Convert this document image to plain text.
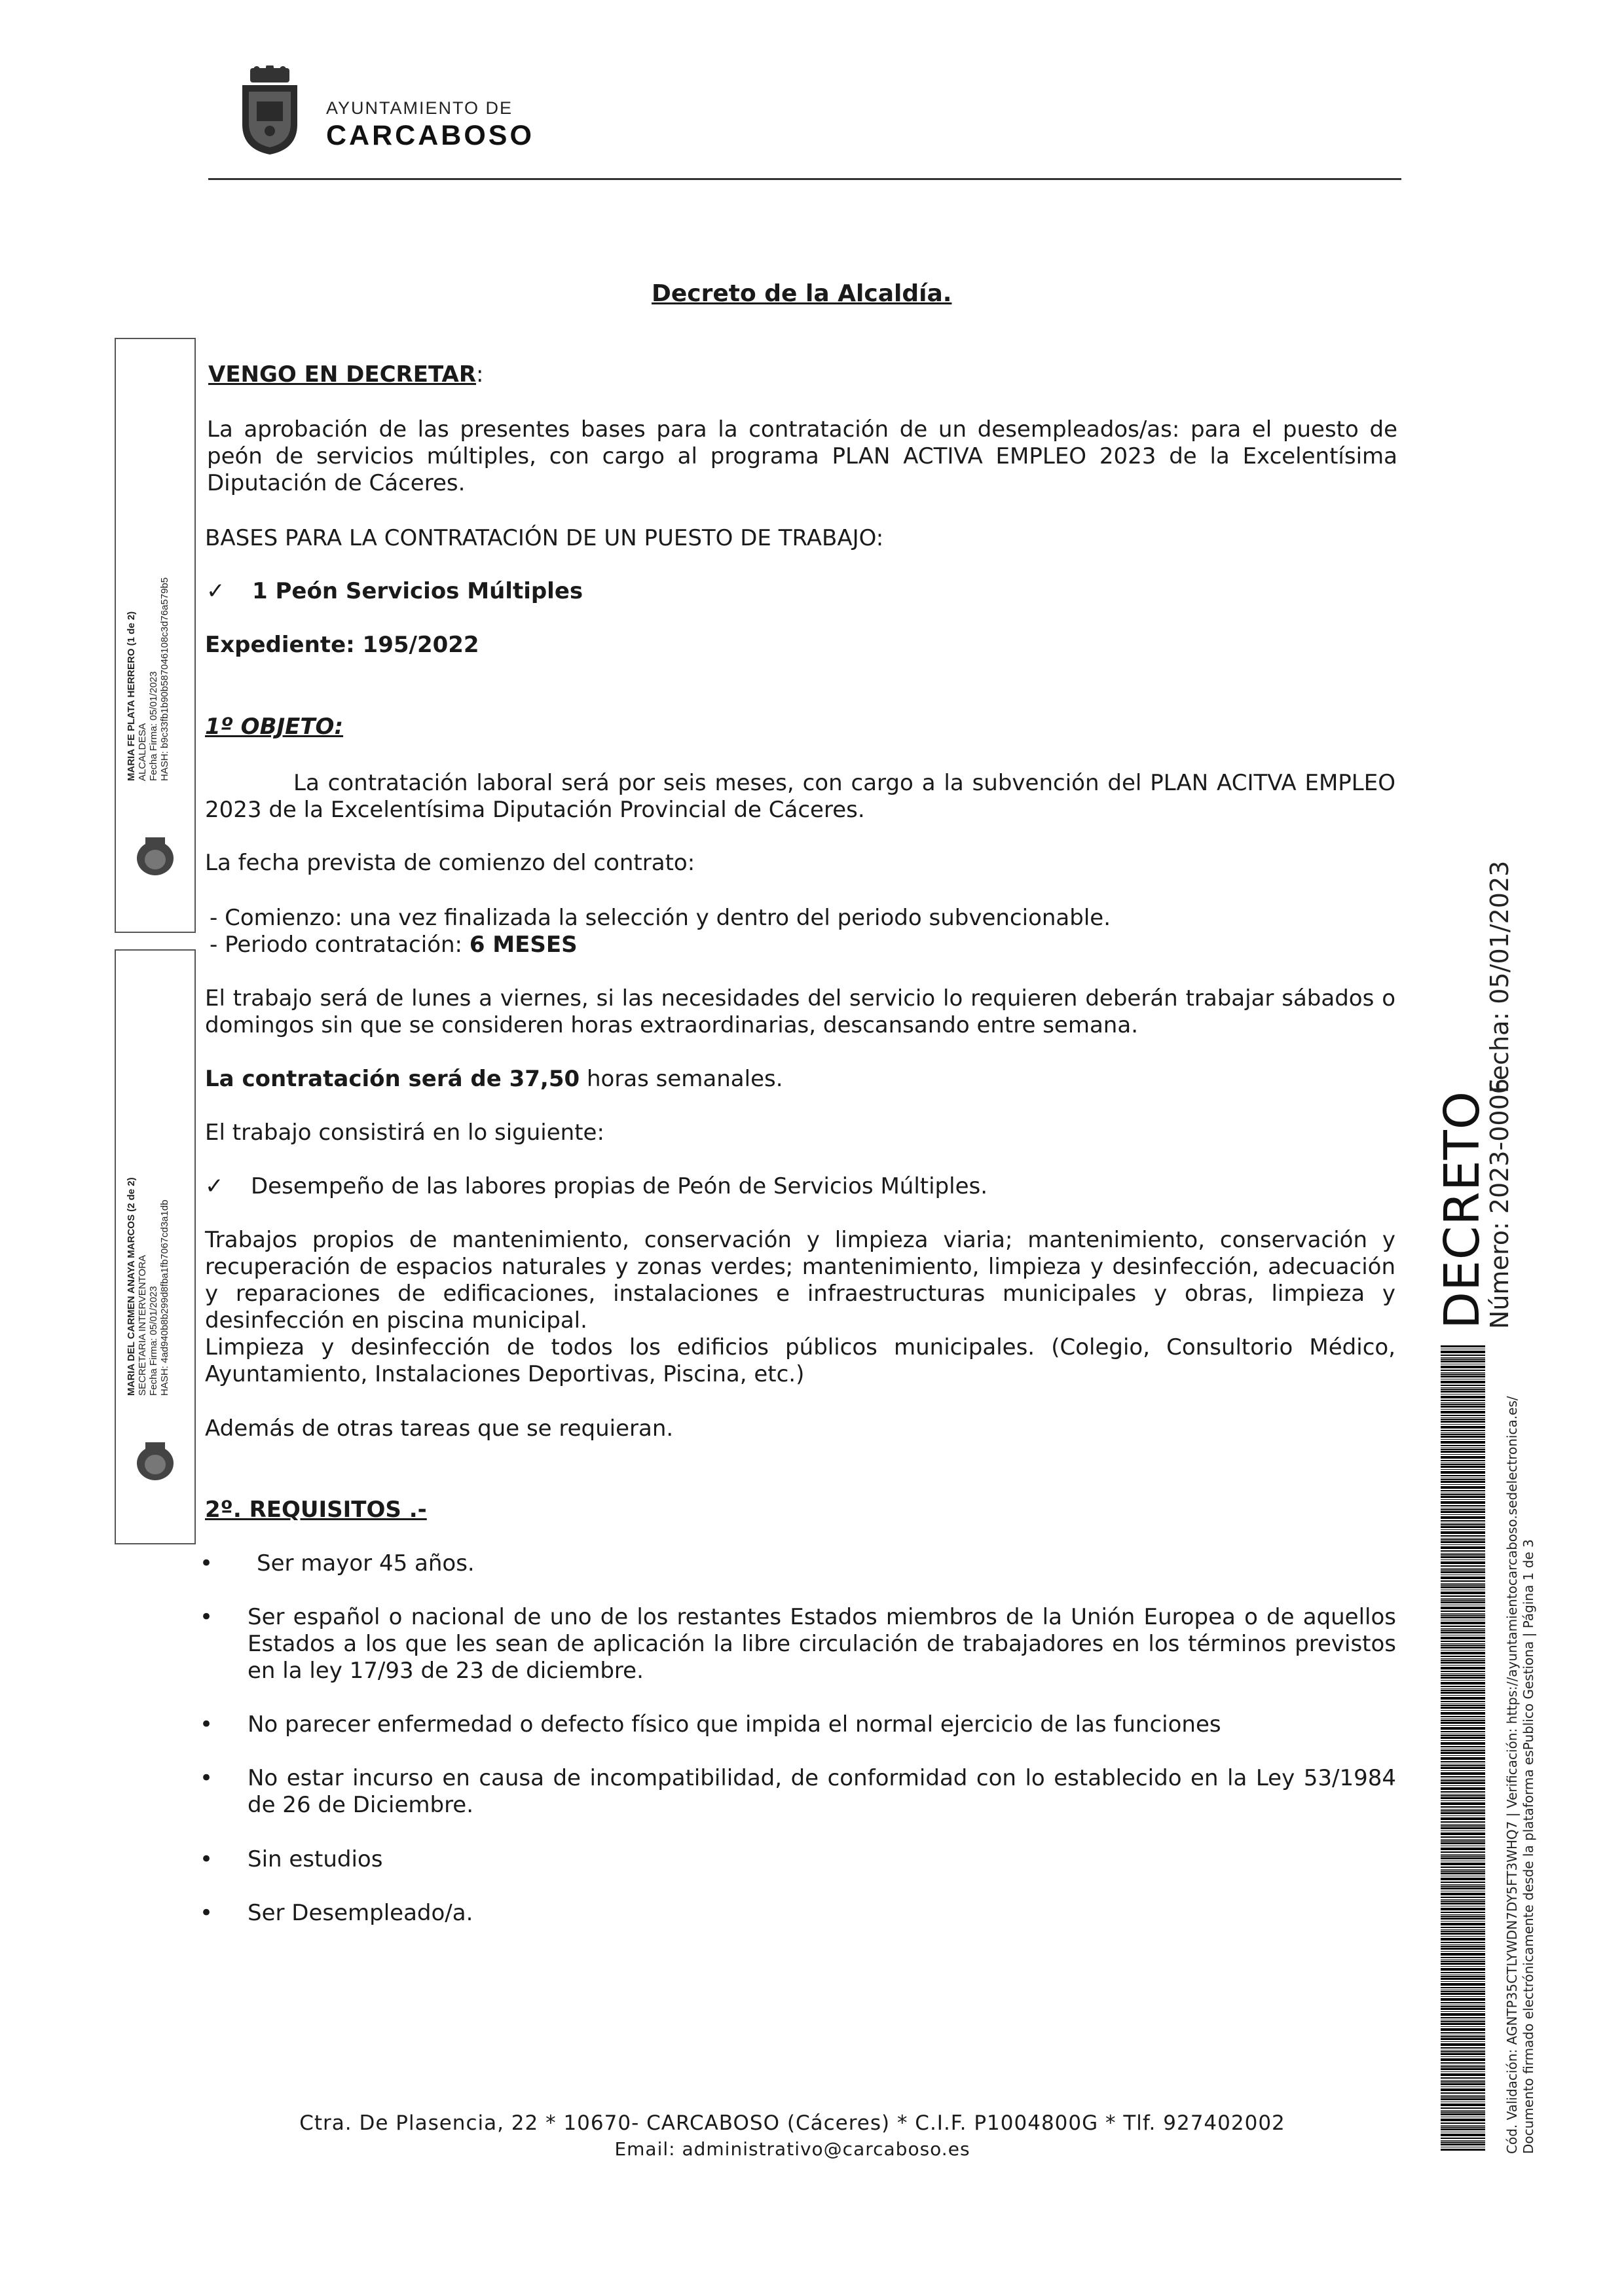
AYUNTAMIENTO DE
CARCABOSO
Decreto de la Alcaldía.
VENGO EN DECRETAR:
La aprobación de las presentes bases para la contratación de un desempleados/as: para el puesto de peón de servicios múltiples, con cargo al programa PLAN ACTIVA EMPLEO 2023 de la Excelentísima Diputación de Cáceres.
BASES PARA LA CONTRATACIÓN DE UN PUESTO DE TRABAJO:
✓ 1 Peón Servicios Múltiples
Expediente: 195/2022
1º OBJETO:
La contratación laboral será por seis meses, con cargo a la subvención del PLAN ACITVA EMPLEO 2023 de la Excelentísima Diputación Provincial de Cáceres.
La fecha prevista de comienzo del contrato:
- Comienzo: una vez finalizada la selección y dentro del periodo subvencionable.
- Periodo contratación: 6 MESES
El trabajo será de lunes a viernes, si las necesidades del servicio lo requieren deberán trabajar sábados o domingos sin que se consideren horas extraordinarias, descansando entre semana.
La contratación será de 37,50 horas semanales.
El trabajo consistirá en lo siguiente:
✓ Desempeño de las labores propias de Peón de Servicios Múltiples.
Trabajos propios de mantenimiento, conservación y limpieza viaria; mantenimiento, conservación y recuperación de espacios naturales y zonas verdes; mantenimiento, limpieza y desinfección, adecuación y reparaciones de edificaciones, instalaciones e infraestructuras municipales y obras, limpieza y desinfección en piscina municipal.
Limpieza y desinfección de todos los edificios públicos municipales. (Colegio, Consultorio Médico, Ayuntamiento, Instalaciones Deportivas, Piscina, etc.)
Además de otras tareas que se requieran.
2º. REQUISITOS .-
• Ser mayor 45 años.
• Ser español o nacional de uno de los restantes Estados miembros de la Unión Europea o de aquellos Estados a los que les sean de aplicación la libre circulación de trabajadores en los términos previstos en la ley 17/93 de 23 de diciembre.
• No parecer enfermedad o defecto físico que impida el normal ejercicio de las funciones
• No estar incurso en causa de incompatibilidad, de conformidad con lo establecido en la Ley 53/1984 de 26 de Diciembre.
• Sin estudios
• Ser Desempleado/a.
Ctra. De Plasencia, 22 * 10670- CARCABOSO (Cáceres) * C.I.F. P1004800G * Tlf. 927402002
Email: administrativo@carcaboso.es
MARIA FE PLATA HERRERO (1 de 2) ALCALDESA Fecha Firma: 05/01/2023 HASH: b9c33fb1b90b587046108c3d76a579b5
MARIA DEL CARMEN ANAYA MARCOS (2 de 2) SECRETARIA INTERVENTORA Fecha Firma: 05/01/2023 HASH: 4ad940b8b299d8fba1fb7067cd3a1db	DECRETO
Número: 2023-0006
Fecha: 05/01/2023
Cód. Validación: AGNTP35CTLYWDN7DY5FT3WHQ7 | Verificación: https://ayuntamientocarcaboso.sedelectronica.es/ Documento firmado electrónicamente desde la plataforma esPublico Gestiona | Página 1 de 3
